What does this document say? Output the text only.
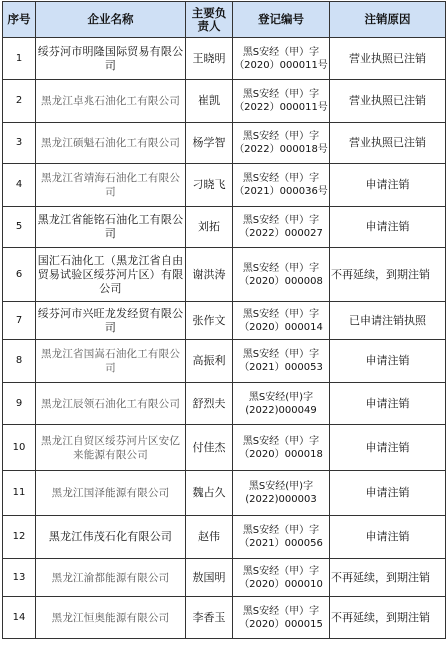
序号	企业名称	主要负责人	登记编号	注销原因
1	绥芬河市明隆国际贸易有限公司	王晓明	黑S安经（甲）字（2020）000011号	营业执照已注销
2	黑龙江卓兆石油化工有限公司	崔凯	黑S安经（甲）字（2022）000011号	营业执照已注销
3	黑龙江硕魁石油化工有限公司	杨学智	黑S安经（甲）字（2022）000018号	营业执照已注销
4	黑龙江省靖海石油化工有限公司	刁晓飞	黑S安经（甲）字（2021）000036号	申请注销
5	黑龙江省能铭石油化工有限公司	刘拓	黑S安经（甲）字（2022）000027	申请注销
6	国汇石油化工（黑龙江省自由贸易试验区绥芬河片区）有限公司	谢洪涛	黑S安经（甲）字（2020）000008	不再延续，到期注销
7	绥芬河市兴旺龙发经贸有限公司	张作文	黑S安经（甲）字（2020）000014	已申请注销执照
8	黑龙江省国嵩石油化工有限公司	高振利	黑S安经（甲）字（2021）000053	申请注销
9	黑龙江辰领石油化工有限公司	舒烈夫	黑S安经(甲)字(2022)000049	申请注销
10	黑龙江自贸区绥芬河片区安亿来能源有限公司	付佳杰	黑S安经（甲）字（2020）000018	申请注销
11	黑龙江国泽能源有限公司	魏占久	黑S安经(甲)字(2022)000003	申请注销
12	黑龙江伟茂石化有限公司	赵伟	黑S安经（甲）字（2021）000056	申请注销
13	黑龙江渝都能源有限公司	敖国明	黑S安经（甲）字（2020）000010	不再延续，到期注销
14	黑龙江恒奥能源有限公司	李香玉	黑S安经（甲）字（2020）000015	不再延续，到期注销
